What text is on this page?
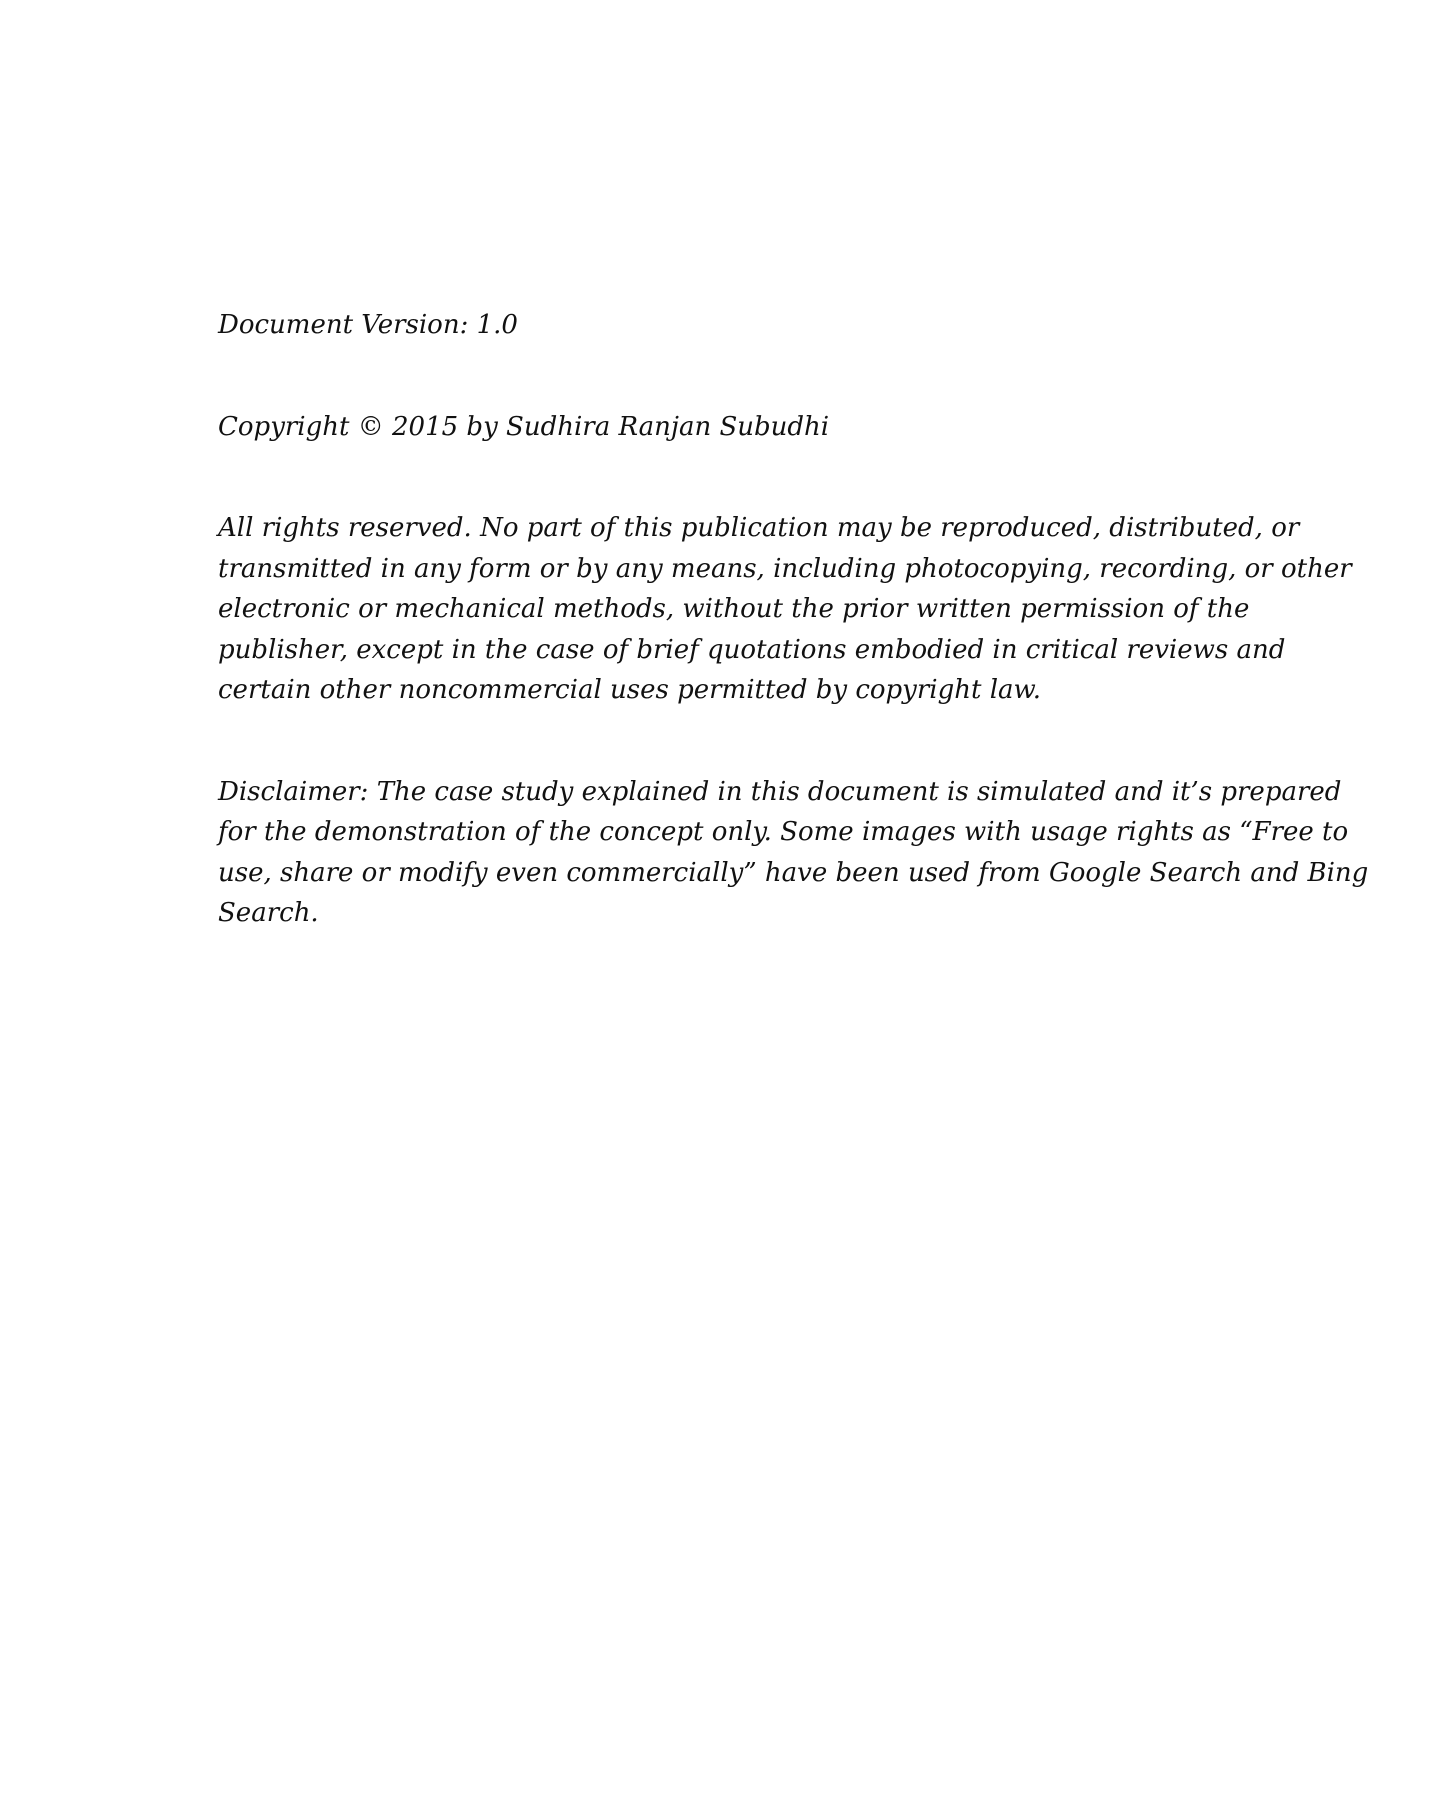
Document Version: 1.0

Copyright © 2015 by Sudhira Ranjan Subudhi

All rights reserved. No part of this publication may be reproduced, distributed, or
transmitted in any form or by any means, including photocopying, recording, or other
electronic or mechanical methods, without the prior written permission of the
publisher, except in the case of brief quotations embodied in critical reviews and
certain other noncommercial uses permitted by copyright law.

Disclaimer: The case study explained in this document is simulated and it’s prepared
for the demonstration of the concept only. Some images with usage rights as “Free to
use, share or modify even commercially” have been used from Google Search and Bing
Search.
